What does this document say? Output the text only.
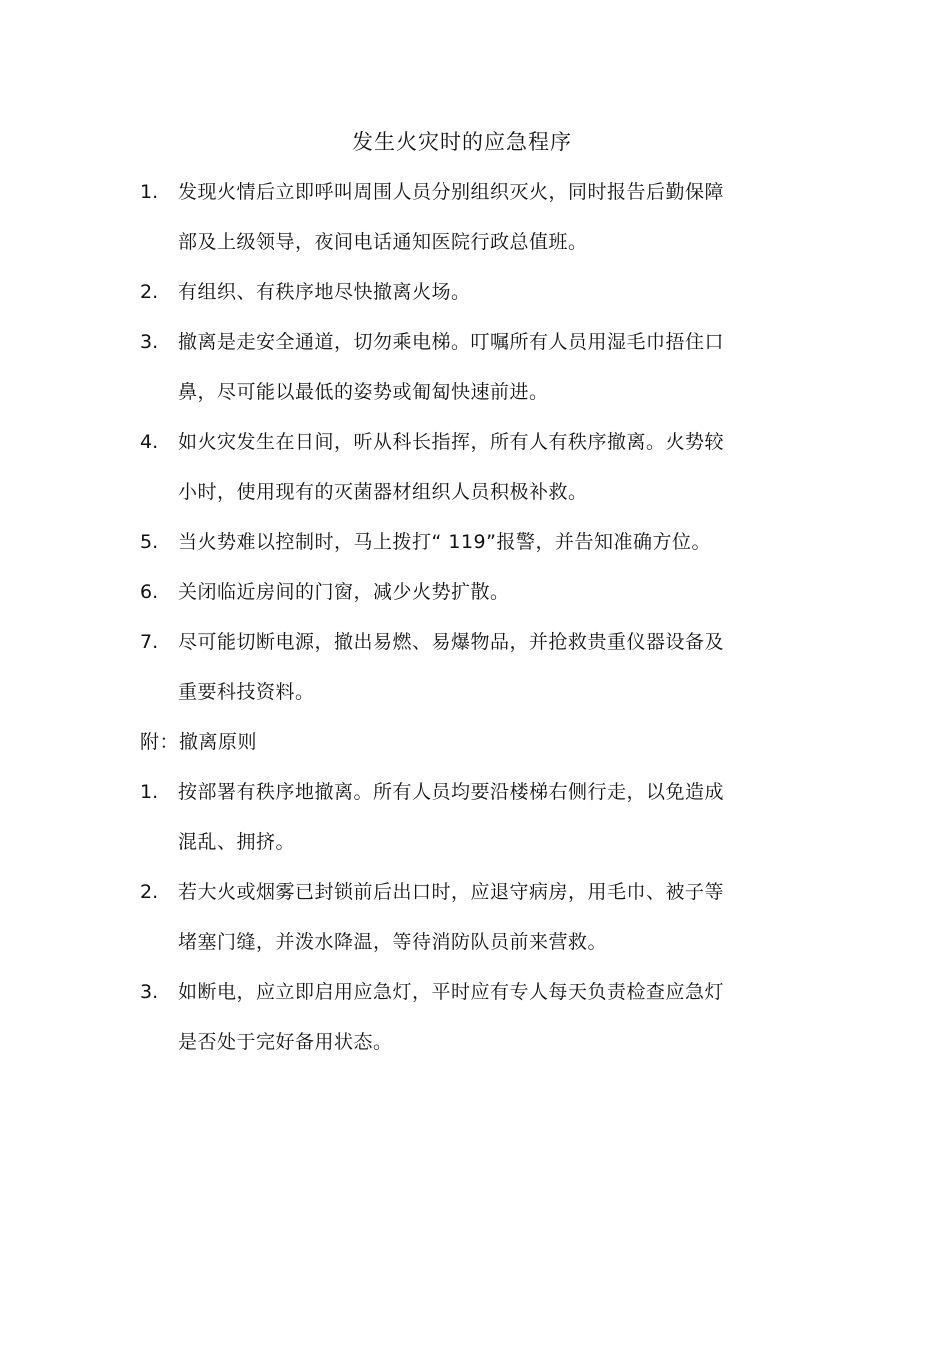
发生火灾时的应急程序
1.	发现火情后立即呼叫周围人员分别组织灭火，同时报告后勤保障
部及上级领导，夜间电话通知医院行政总值班。
2.	有组织、有秩序地尽快撤离火场。
3.	撤离是走安全通道，切勿乘电梯。叮嘱所有人员用湿毛巾捂住口
鼻，尽可能以最低的姿势或匍匐快速前进。
4.	如火灾发生在日间，听从科长指挥，所有人有秩序撤离。火势较
小时，使用现有的灭菌器材组织人员积极补救。
5.	当火势难以控制时，马上拨打“ 119”报警，并告知准确方位。
6.	关闭临近房间的门窗，减少火势扩散。
7.	尽可能切断电源，撤出易燃、易爆物品，并抢救贵重仪器设备及
重要科技资料。
附：撤离原则
1.	按部署有秩序地撤离。所有人员均要沿楼梯右侧行走，以免造成
混乱、拥挤。
2.	若大火或烟雾已封锁前后出口时，应退守病房，用毛巾、被子等
堵塞门缝，并泼水降温，等待消防队员前来营救。
3.	如断电，应立即启用应急灯，平时应有专人每天负责检查应急灯
是否处于完好备用状态。
